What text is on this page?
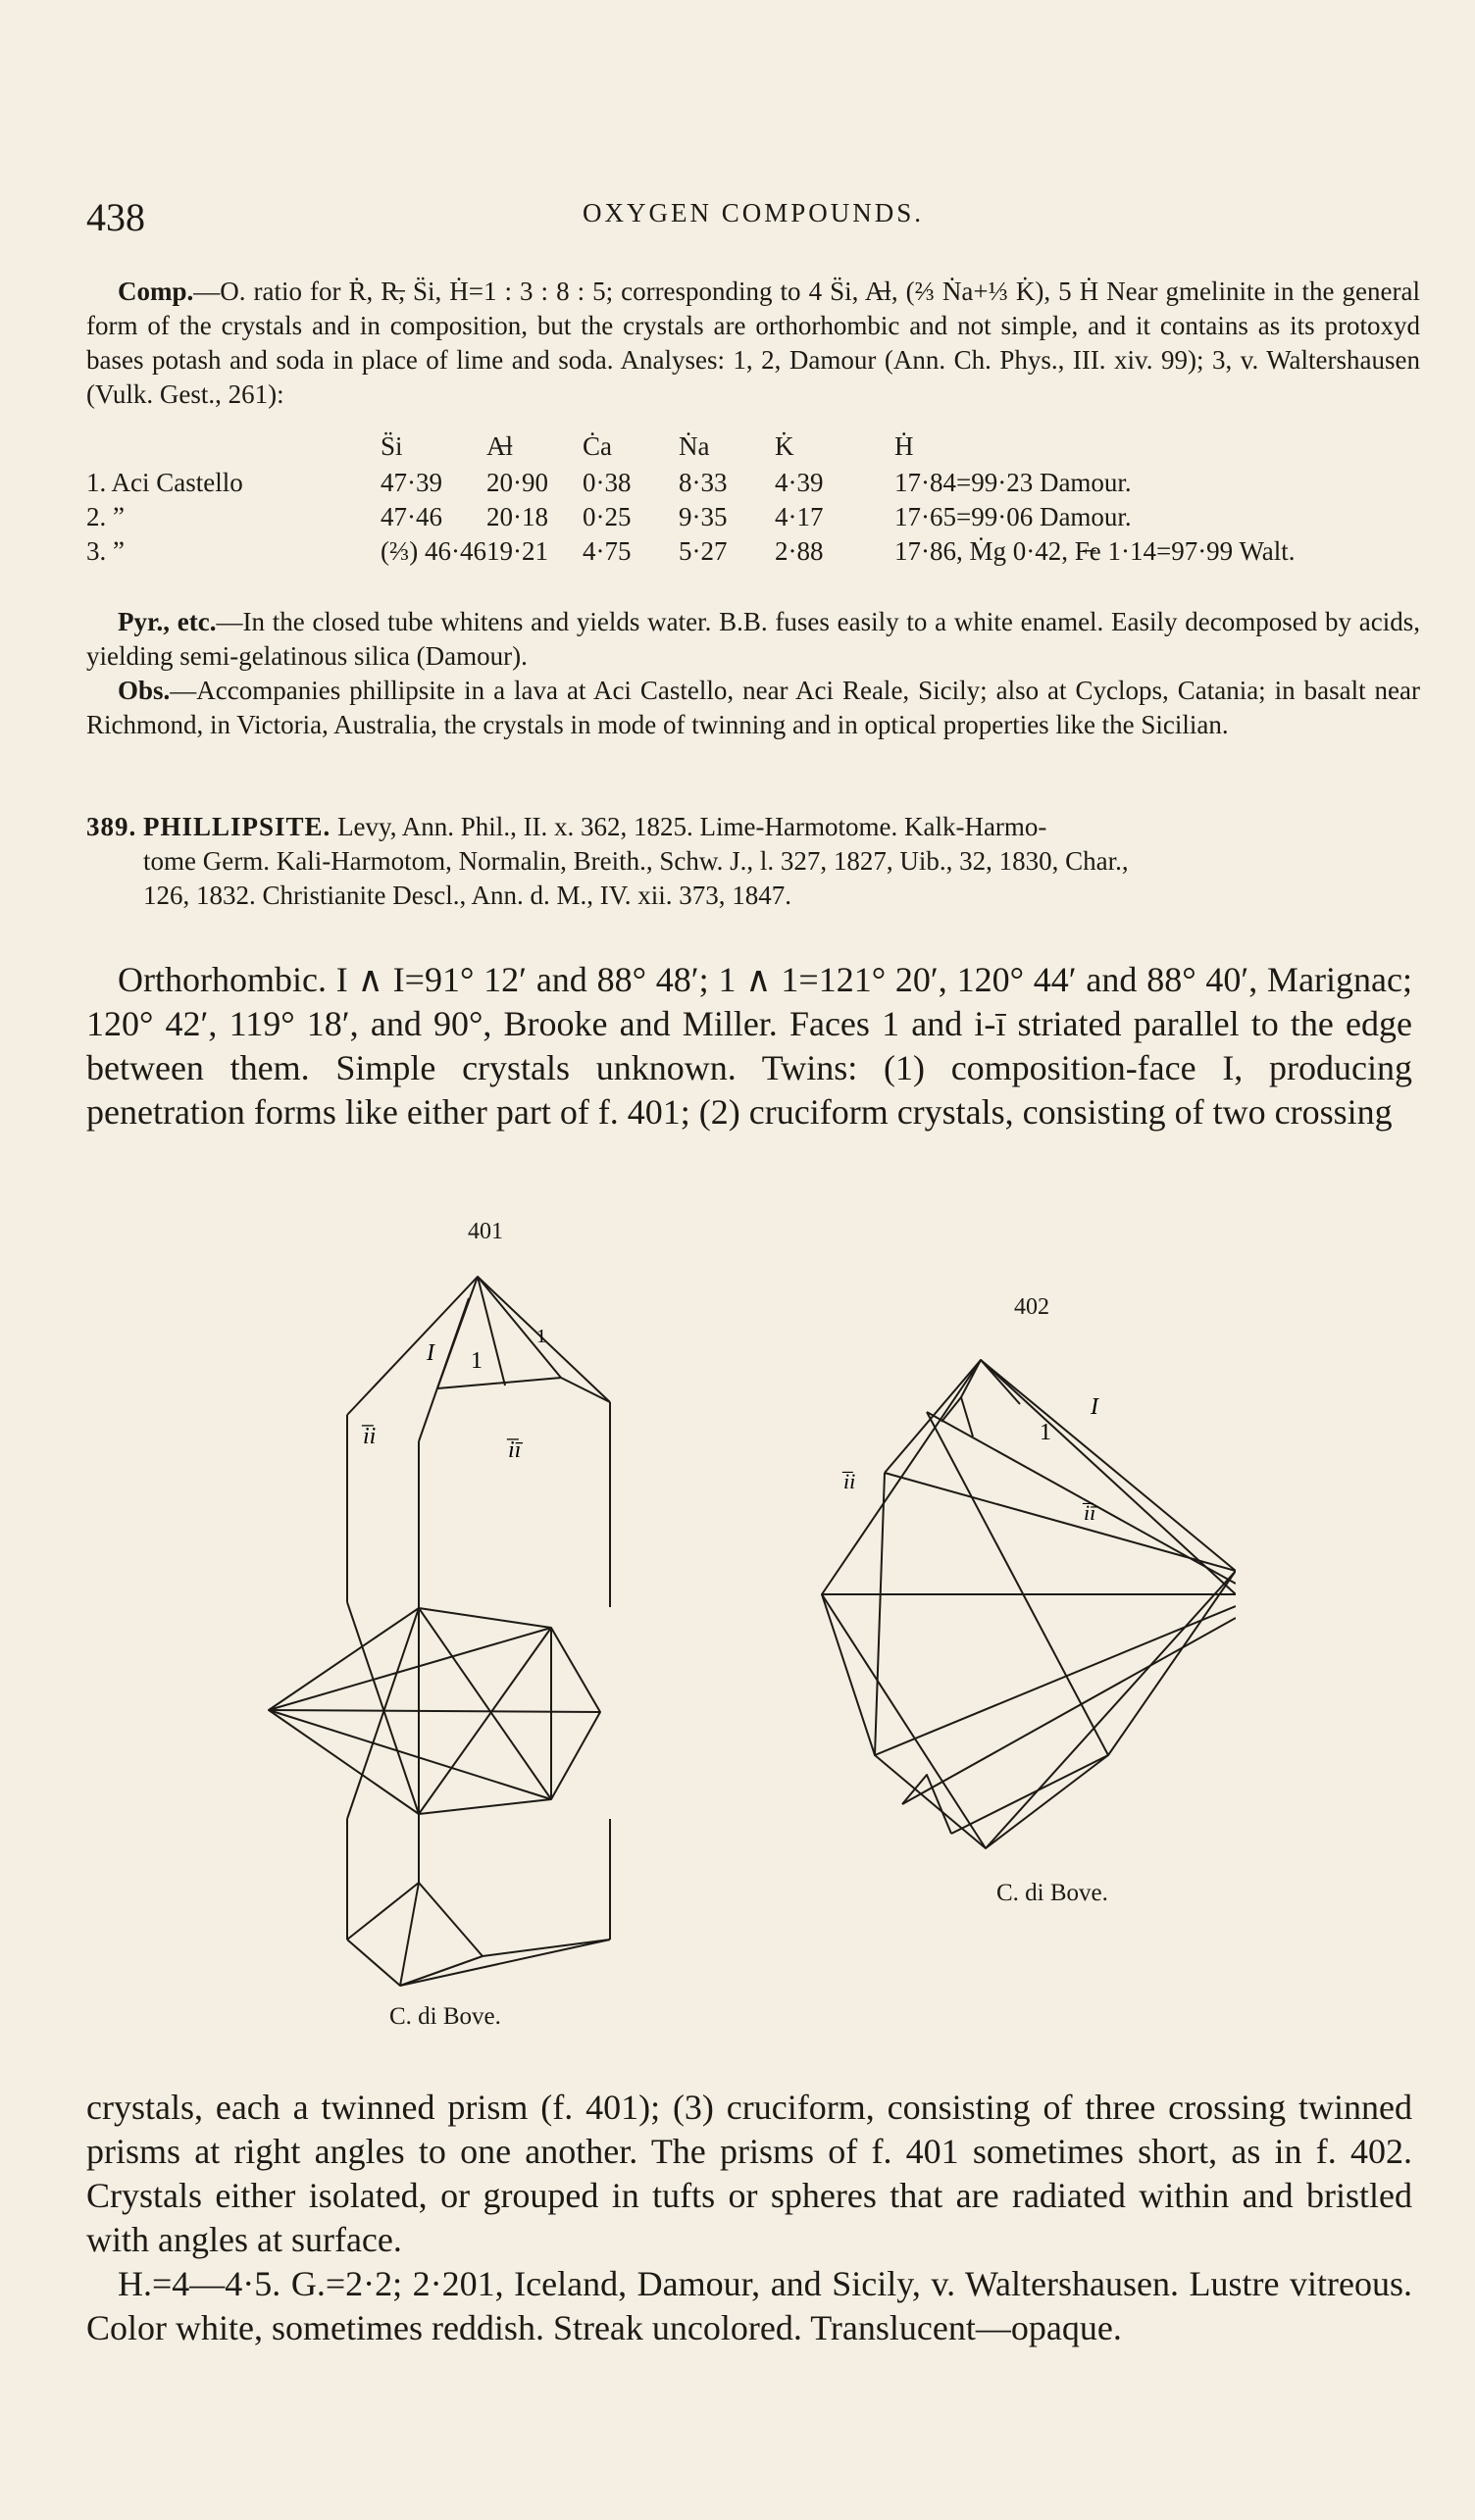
438	OXYGEN COMPOUNDS.

Comp.—O. ratio for Ṙ, R̶, S̈i, Ḣ=1 : 3 : 8 : 5; corresponding to 4 S̈i, A̶l, (⅔ Ṅa+⅓ K̇), 5 Ḣ Near gmelinite in the general form of the crystals and in composition, but the crystals are orthorhombic and not simple, and it contains as its protoxyd bases potash and soda in place of lime and soda. Analyses: 1, 2, Damour (Ann. Ch. Phys., III. xiv. 99); 3, v. Waltershausen (Vulk. Gest., 261):

	S̈i	A̶l	Ċa	Ṅa	K̇	Ḣ
1. Aci Castello	47·39	20·90	0·38	8·33	4·39	17·84=99·23 Damour.
2. ˮ	47·46	20·18	0·25	9·35	4·17	17·65=99·06 Damour.
3. ˮ	(⅔) 46·46	19·21	4·75	5·27	2·88	17·86, Ṁg 0·42, F̶e 1·14=97·99 Walt.

Pyr., etc.—In the closed tube whitens and yields water. B.B. fuses easily to a white enamel. Easily decomposed by acids, yielding semi-gelatinous silica (Damour).

Obs.—Accompanies phillipsite in a lava at Aci Castello, near Aci Reale, Sicily; also at Cyclops, Catania; in basalt near Richmond, in Victoria, Australia, the crystals in mode of twinning and in optical properties like the Sicilian.

389. PHILLIPSITE. Levy, Ann. Phil., II. x. 362, 1825. Lime-Harmotome. Kalk-Harmo-

tome Germ. Kali-Harmotom, Normalin, Breith., Schw. J., l. 327, 1827, Uib., 32, 1830, Char.,

126, 1832. Christianite Descl., Ann. d. M., IV. xii. 373, 1847.

Orthorhombic. I ∧ I=91° 12′ and 88° 48′; 1 ∧ 1=121° 20′, 120° 44′ and 88° 40′, Marignac; 120° 42′, 119° 18′, and 90°, Brooke and Miller. Faces 1 and i-ī striated parallel to the edge between them. Simple crystals unknown. Twins: (1) composition-face I, producing penetration forms like either part of f. 401; (2) cruciform crystals, consisting of two crossing

401
I 1
1
i̅i
i̅ī
C. di Bove.
402
1
I
i̅i
i̅ī
C. di Bove.

crystals, each a twinned prism (f. 401); (3) cruciform, consisting of three crossing twinned prisms at right angles to one another. The prisms of f. 401 sometimes short, as in f. 402. Crystals either isolated, or grouped in tufts or spheres that are radiated within and bristled with angles at surface.

H.=4—4·5. G.=2·2; 2·201, Iceland, Damour, and Sicily, v. Waltershausen. Lustre vitreous. Color white, sometimes reddish. Streak uncolored. Translucent—opaque.
